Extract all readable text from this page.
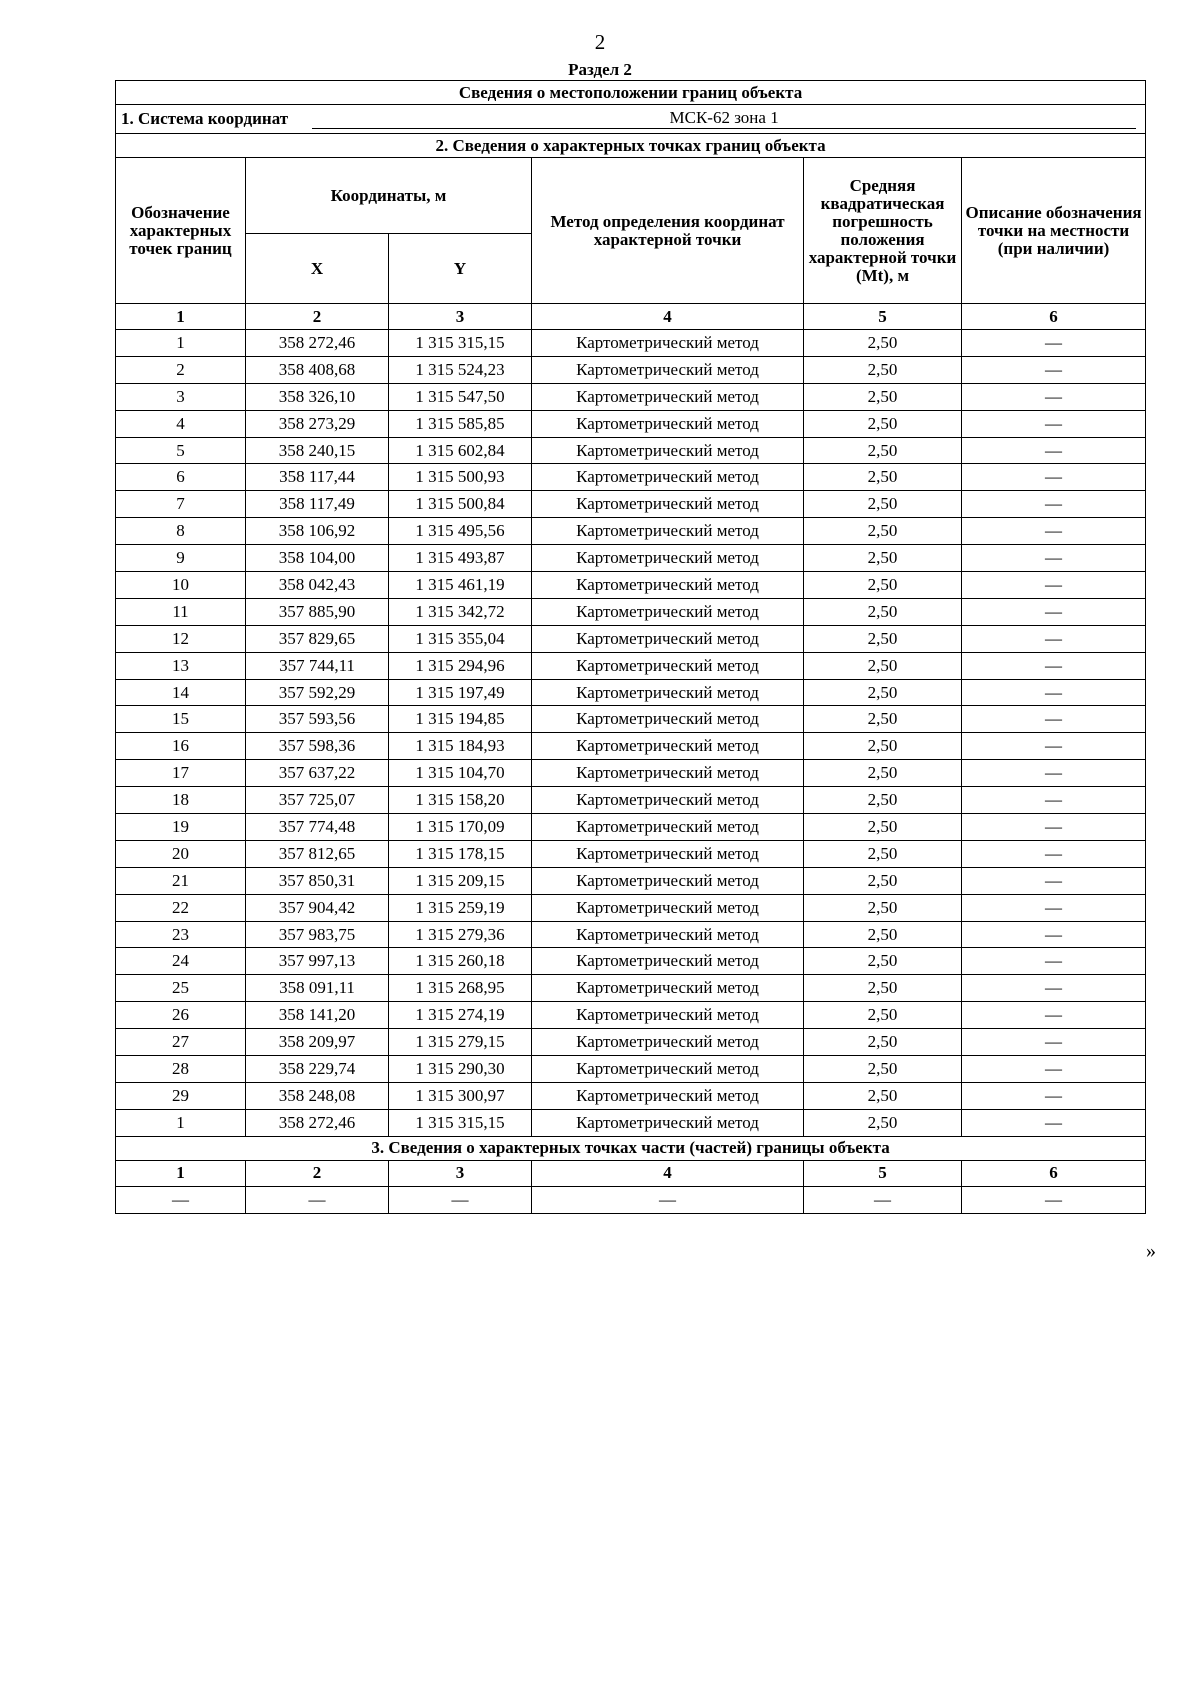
2
Раздел 2
Сведения о местоположении границ объекта					

1. Система координат МСК-62 зона 1					

2. Сведения о характерных точках границ объекта					
Обозначение характерных точек границ	Координаты, м		Метод определения координат характерной точки	Средняя квадратическая погрешность положения характерной точки (Mt), м	Описание обозначения точки на местности (при наличии)
	X	Y			
1	2	3	4	5	6
1	358 272,46	1 315 315,15	Картометрический метод	2,50	—
2	358 408,68	1 315 524,23	Картометрический метод	2,50	—
3	358 326,10	1 315 547,50	Картометрический метод	2,50	—
4	358 273,29	1 315 585,85	Картометрический метод	2,50	—
5	358 240,15	1 315 602,84	Картометрический метод	2,50	—
6	358 117,44	1 315 500,93	Картометрический метод	2,50	—
7	358 117,49	1 315 500,84	Картометрический метод	2,50	—
8	358 106,92	1 315 495,56	Картометрический метод	2,50	—
9	358 104,00	1 315 493,87	Картометрический метод	2,50	—
10	358 042,43	1 315 461,19	Картометрический метод	2,50	—
11	357 885,90	1 315 342,72	Картометрический метод	2,50	—
12	357 829,65	1 315 355,04	Картометрический метод	2,50	—
13	357 744,11	1 315 294,96	Картометрический метод	2,50	—
14	357 592,29	1 315 197,49	Картометрический метод	2,50	—
15	357 593,56	1 315 194,85	Картометрический метод	2,50	—
16	357 598,36	1 315 184,93	Картометрический метод	2,50	—
17	357 637,22	1 315 104,70	Картометрический метод	2,50	—
18	357 725,07	1 315 158,20	Картометрический метод	2,50	—
19	357 774,48	1 315 170,09	Картометрический метод	2,50	—
20	357 812,65	1 315 178,15	Картометрический метод	2,50	—
21	357 850,31	1 315 209,15	Картометрический метод	2,50	—
22	357 904,42	1 315 259,19	Картометрический метод	2,50	—
23	357 983,75	1 315 279,36	Картометрический метод	2,50	—
24	357 997,13	1 315 260,18	Картометрический метод	2,50	—
25	358 091,11	1 315 268,95	Картометрический метод	2,50	—
26	358 141,20	1 315 274,19	Картометрический метод	2,50	—
27	358 209,97	1 315 279,15	Картометрический метод	2,50	—
28	358 229,74	1 315 290,30	Картометрический метод	2,50	—
29	358 248,08	1 315 300,97	Картометрический метод	2,50	—
1	358 272,46	1 315 315,15	Картометрический метод	2,50	—
3. Сведения о характерных точках части (частей) границы объекта					
1	2	3	4	5	6
—	—	—	—	—	—
»
